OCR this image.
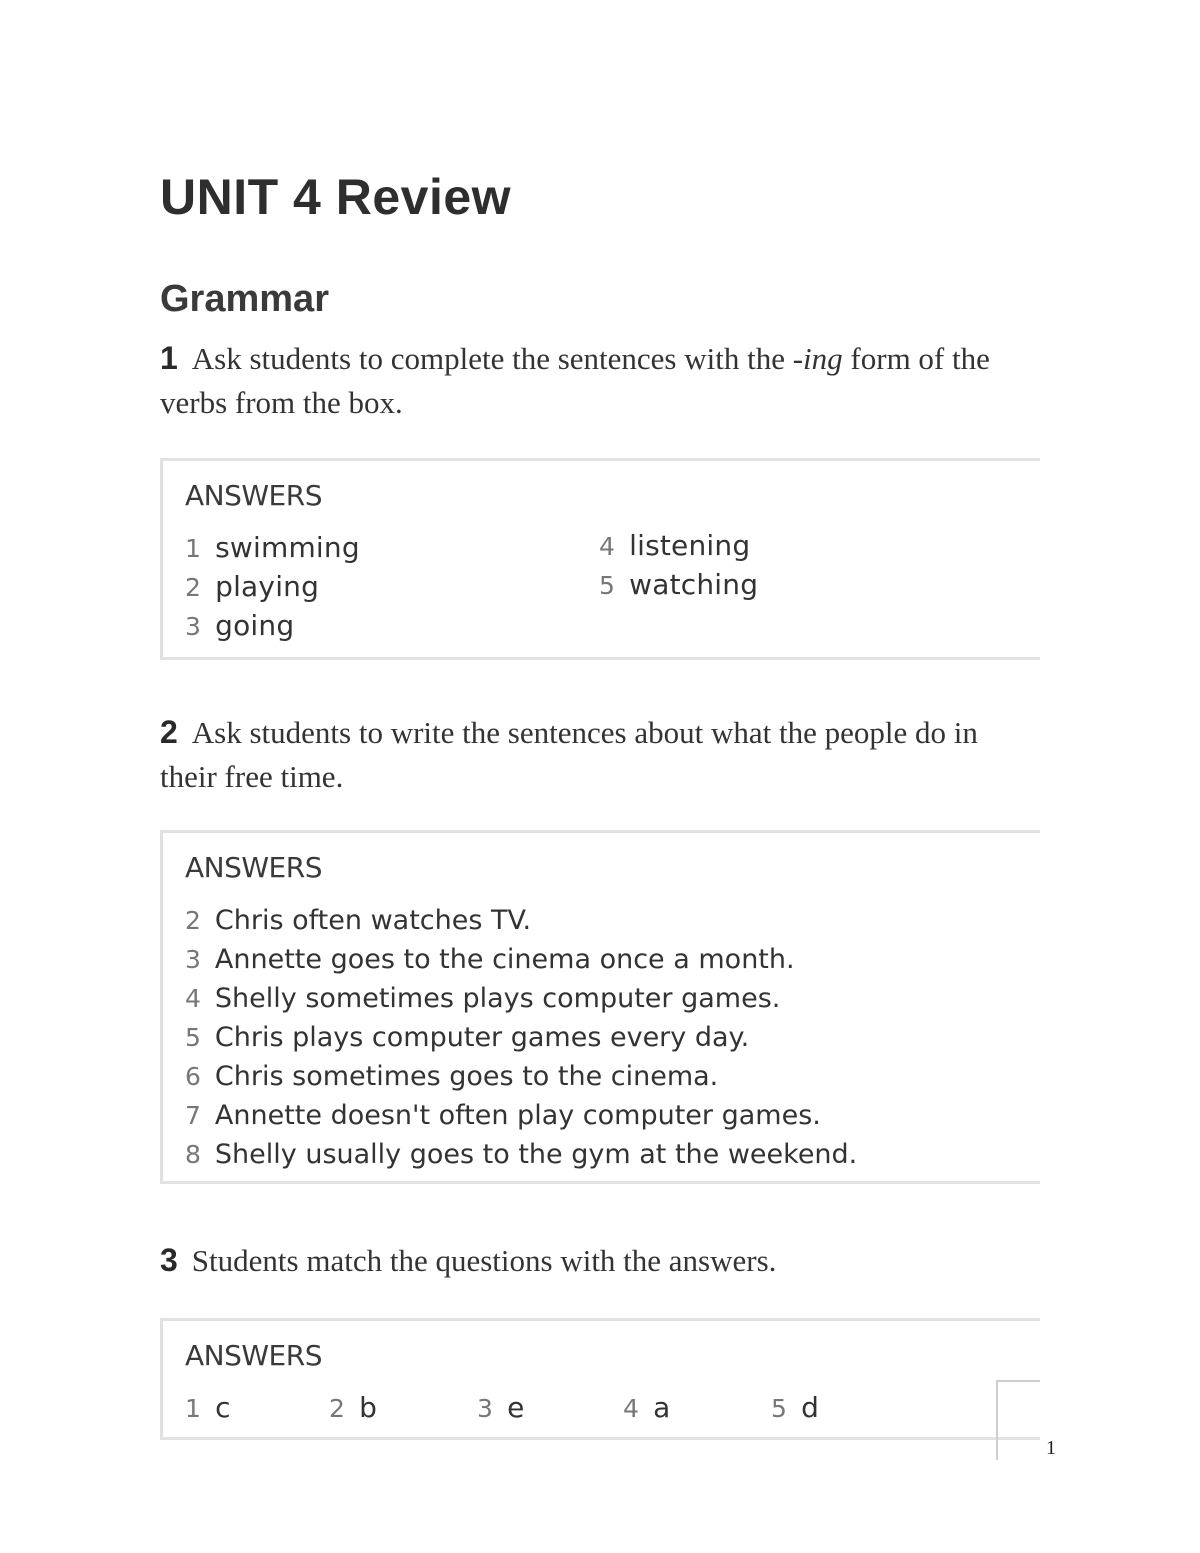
UNIT 4 Review
Grammar

1 Ask students to complete the sentences with the -ing form of the verbs from the box.

ANSWERS
1 swimming
2 playing
3 going
4 listening
5 watching

2 Ask students to write the sentences about what the people do in their free time.

ANSWERS
2 Chris often watches TV.
3 Annette goes to the cinema once a month.
4 Shelly sometimes plays computer games.
5 Chris plays computer games every day.
6 Chris sometimes goes to the cinema.
7 Annette doesn't often play computer games.
8 Shelly usually goes to the gym at the weekend.

3 Students match the questions with the answers.

ANSWERS
1 c	2 b	3 e	4 a	5 d
1
